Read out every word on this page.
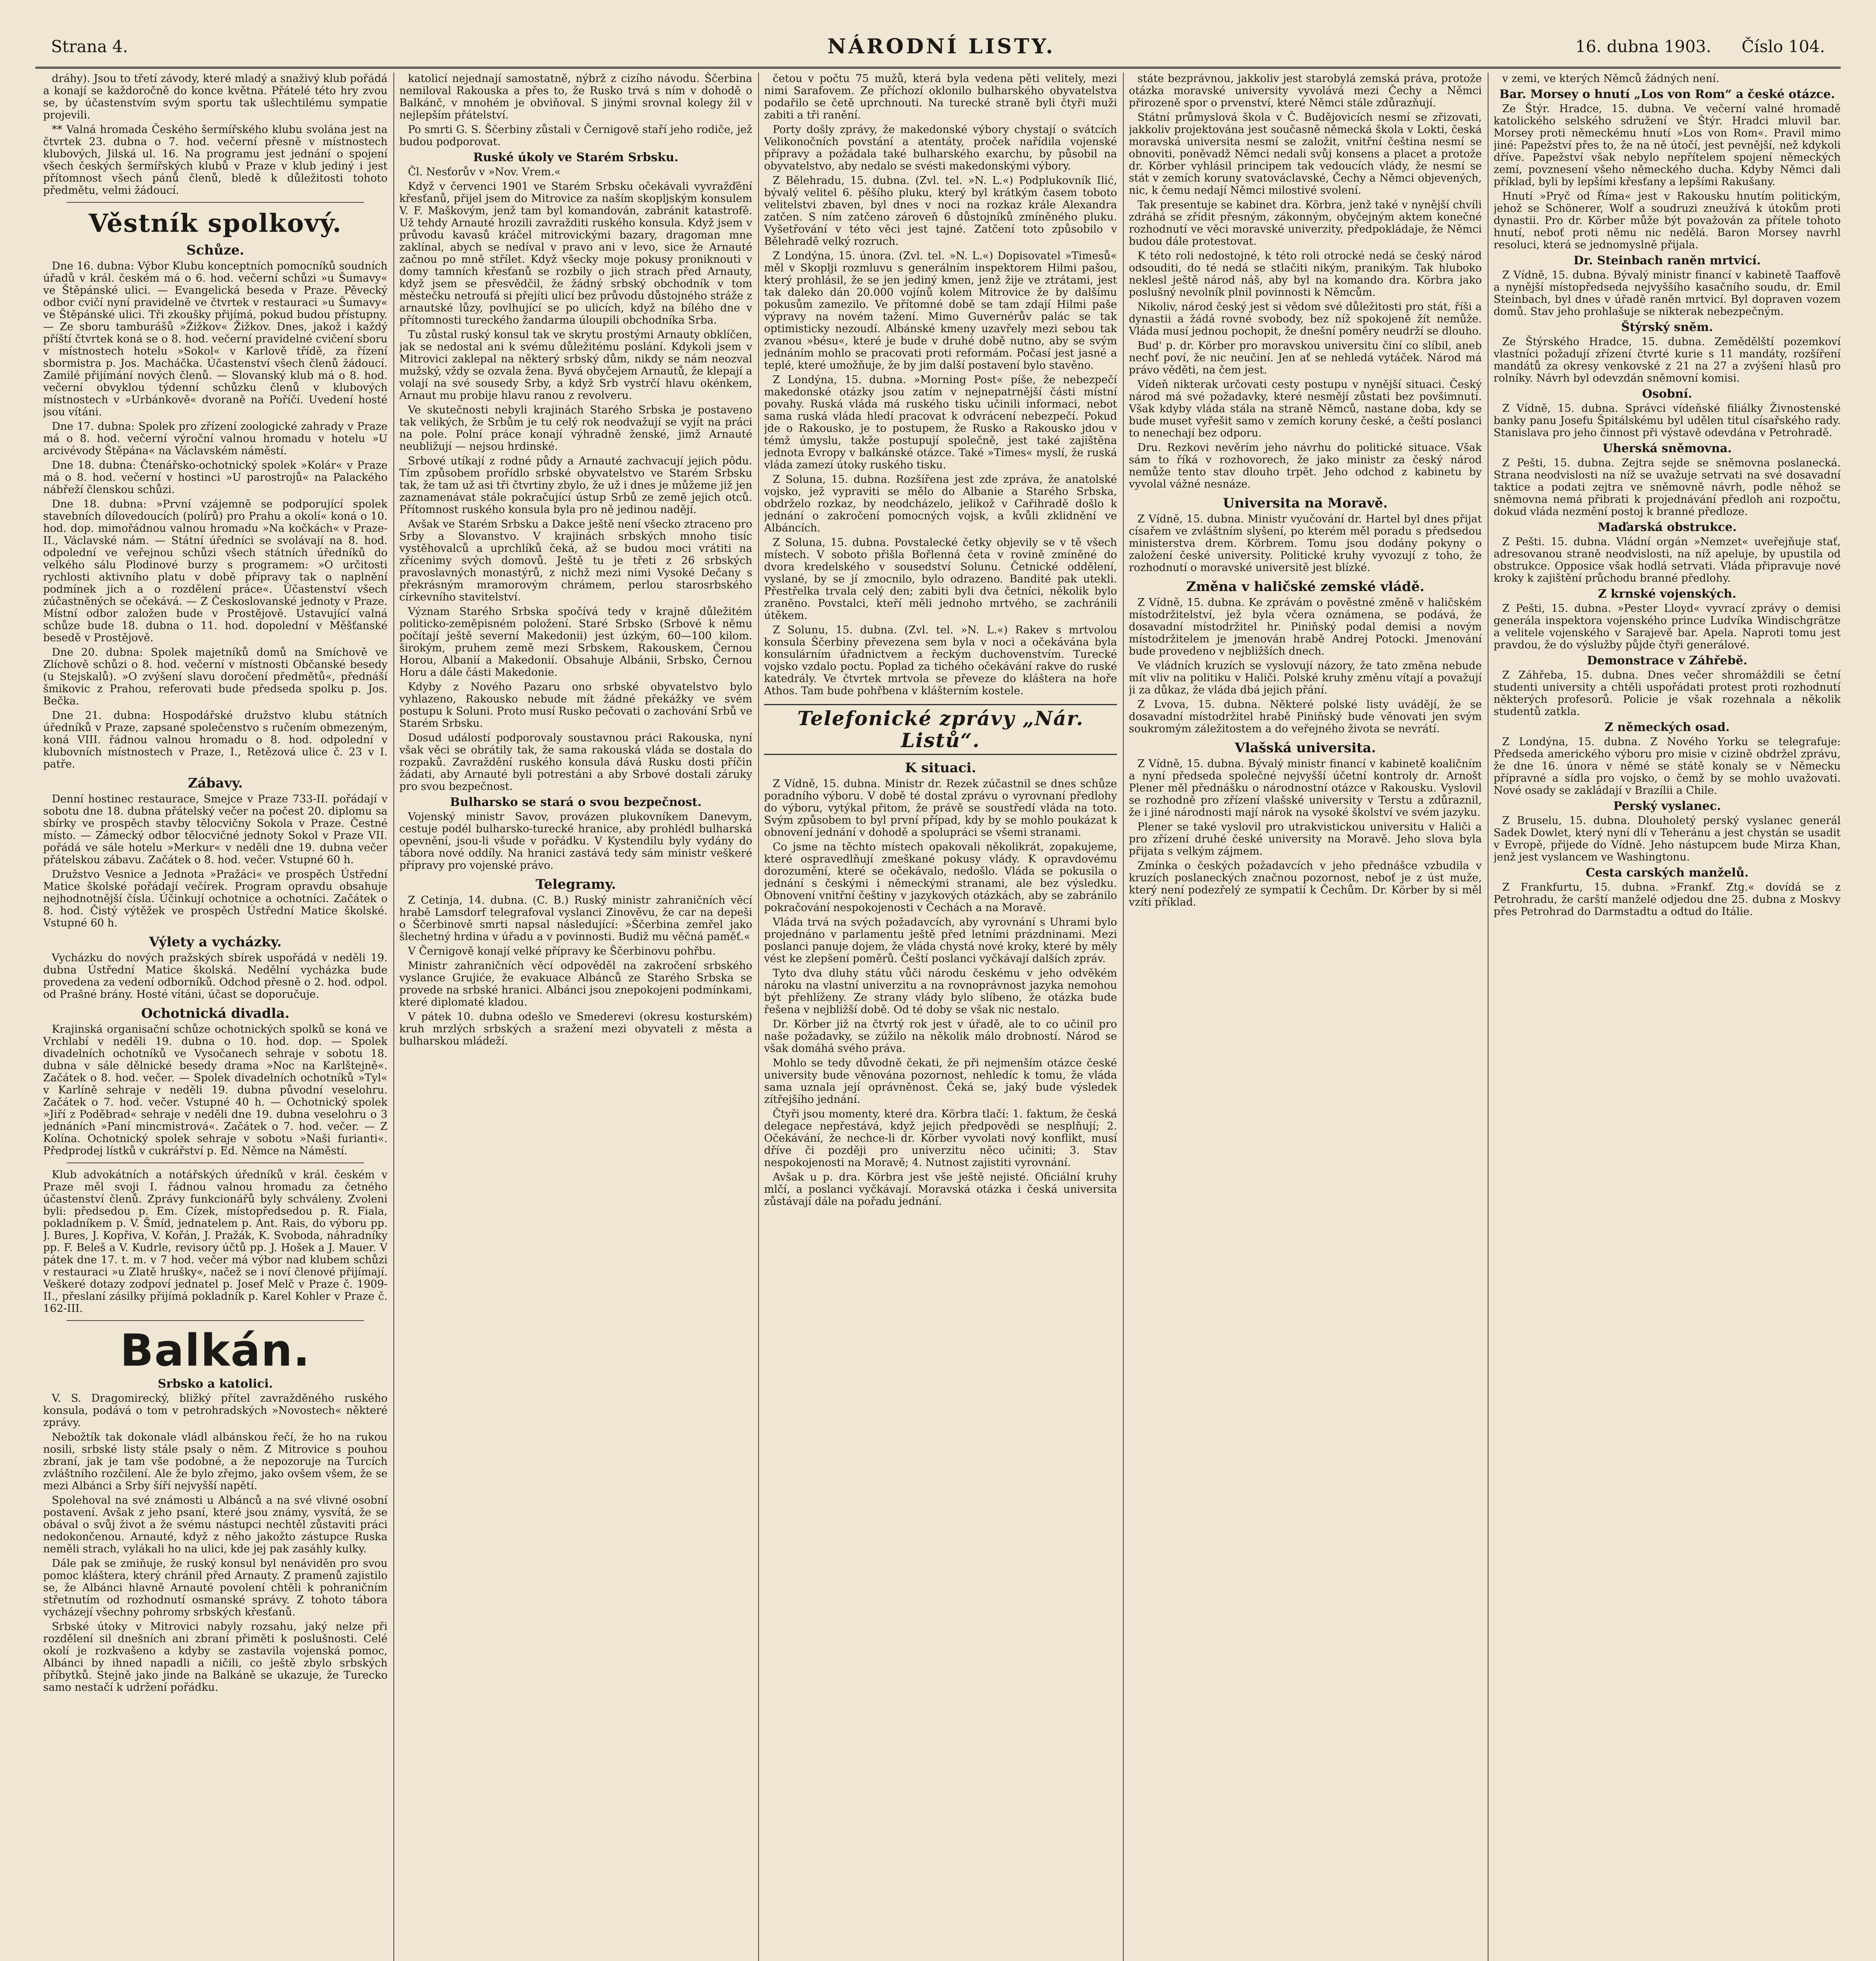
Strana 4.	NÁRODNÍ LISTY.	16. dubna 1903. Číslo 104.

dráhy). Jsou to třetí závody, které mladý a snaživý klub pořádá a konají se každoročně do konce května. Přátelé této hry zvou se, by účastenstvím svým sportu tak ušlechtilému sympatie projevili.

** Valná hromada Českého šermířského klubu svolána jest na čtvrtek 23. dubna o 7. hod. večerní přesně v místnostech klubových, Jilská ul. 16. Na programu jest jednání o spojení všech českých šermířských klubů v Praze v klub jediný i jest přítomnost všech pánů členů, bledě k důležitosti tohoto předmětu, velmi žádoucí.

Věstník spolkový.
Schůze.

Dne 16. dubna: Výbor Klubu konceptních pomocníků soudních úřadů v král. českém má o 6. hod. večerní schůzi »u Šumavy« ve Štěpánské ulici. — Evangelická beseda v Praze. Pěvecký odbor cvičí nyní pravidelně ve čtvrtek v restauraci »u Šumavy« ve Štěpánské ulici. Tři zkoušky přijímá, pokud budou přístupny. — Ze sboru tamburášů »Žižkov« Žižkov. Dnes, jakož i každý příští čtvrtek koná se o 8. hod. večerní pravidelné cvičení sboru v místnostech hotelu »Sokol« v Karlově třídě, za řízení sbormistra p. Jos. Macháčka. Účastenství všech členů žádoucí. Zamilé přijímání nových členů. — Slovanský klub má o 8. hod. večerní obvyklou týdenní schůzku členů v klubových místnostech v »Urbánkově« dvoraně na Poříčí. Uvedení hosté jsou vítáni.

Dne 17. dubna: Spolek pro zřízení zoologické zahrady v Praze má o 8. hod. večerní výroční valnou hromadu v hotelu »U arcivévody Štěpána« na Václavském náměstí.

Dne 18. dubna: Čtenářsko-ochotnický spolek »Kolár« v Praze má o 8. hod. večerní v hostinci »U parostrojů« na Palackého nábřeží členskou schůzi.

Dne 18. dubna: »První vzájemně se podporující spolek stavebních dílovedoucích (polírů) pro Prahu a okolí« koná o 10. hod. dop. mimořádnou valnou hromadu »Na kočkách« v Praze-II., Václavské nám. — Státní úředníci se svolávají na 8. hod. odpolední ve veřejnou schůzi všech státních úředníků do velkého sálu Plodinové burzy s programem: »O určitosti rychlosti aktivního platu v době přípravy tak o naplnění podmínek jich a o rozdělení práce«. Účastenství všech zúčastněných se očekává. — Z Českoslovanské jednoty v Praze. Místní odbor založen bude v Prostějově. Ustavující valná schůze bude 18. dubna o 11. hod. dopolední v Měšťanské besedě v Prostějově.

Dne 20. dubna: Spolek majetníků domů na Smíchově ve Zlíchově schůzi o 8. hod. večerní v místnosti Občanské besedy (u Stejskalů). »O zvýšení slavu doročení předmětů«, přednáší šmikovic z Prahou, referovati bude předseda spolku p. Jos. Bečka.

Dne 21. dubna: Hospodářské družstvo klubu státních úředníků v Praze, zapsané společenstvo s ručením obmezeným, koná VIII. řádnou valnou hromadu o 8. hod. odpolední v klubovních místnostech v Praze, I., Retězová ulice č. 23 v I. patře.

Zábavy.

Denní hostinec restaurace, Smejce v Praze 733-II. pořádají v sobotu dne 18. dubna přátelský večer na počest 20. diplomu sa sbírky ve prospěch stavby tělocvičny Sokola v Praze. Čestné místo. — Zámecký odbor tělocvičné jednoty Sokol v Praze VII. pořádá ve sále hotelu »Merkur« v neděli dne 19. dubna večer přátelskou zábavu. Začátek o 8. hod. večer. Vstupné 60 h.

Družstvo Vesnice a Jednota »Pražáci« ve prospěch Ústřední Matice školské pořádají večírek. Program opravdu obsahuje nejhodnotnější čísla. Účinkují ochotnice a ochotníci. Začátek o 8. hod. Čistý výtěžek ve prospěch Ústřední Matice školské. Vstupné 60 h.

Výlety a vycházky.

Vycházku do nových pražských sbírek uspořádá v neděli 19. dubna Ústřední Matice školská. Nedělní vycházka bude provedena za vedení odborníků. Odchod přesně o 2. hod. odpol. od Prašné brány. Hosté vítáni, účast se doporučuje.

Ochotnická divadla.

Krajinská organisační schůze ochotnických spolků se koná ve Vrchlabí v neděli 19. dubna o 10. hod. dop. — Spolek divadelních ochotníků ve Vysočanech sehraje v sobotu 18. dubna v sále dělnické besedy drama »Noc na Karlštejně«. Začátek o 8. hod. večer. — Spolek divadelních ochotníků »Tyl« v Karlíně sehraje v neděli 19. dubna původní veselohru. Začátek o 7. hod. večer. Vstupné 40 h. — Ochotnický spolek »Jiří z Poděbrad« sehraje v neděli dne 19. dubna veselohru o 3 jednáních »Paní mincmistrová«. Začátek o 7. hod. večer. — Z Kolína. Ochotnický spolek sehraje v sobotu »Naši furianti«. Předprodej lístků v cukrářství p. Ed. Němce na Náměstí.

Klub advokátních a notářských úředníků v král. českém v Praze měl svoji I. řádnou valnou hromadu za četného účastenství členů. Zprávy funkcionářů byly schváleny. Zvoleni byli: předsedou p. Em. Cízek, místopředsedou p. R. Fiala, pokladníkem p. V. Šmíd, jednatelem p. Ant. Rais, do výboru pp. J. Bures, J. Kopřiva, V. Kořán, J. Pražák, K. Svoboda, náhradníky pp. F. Beleš a V. Kudrle, revisory účtů pp. J. Hošek a J. Mauer. V pátek dne 17. t. m. v 7 hod. večer má výbor nad klubem schůzi v restauraci »u Zlatě hrušky«, načež se i noví členové přijímají. Veškeré dotazy zodpoví jednatel p. Josef Melč v Praze č. 1909-II., přeslaní zásilky přijímá pokladník p. Karel Kohler v Praze č. 162-III.

Balkán.
Srbsko a katolici.

V. S. Dragomirecký, bližký přítel zavražděného ruského konsula, podává o tom v petrohradských »Novostech« některé zprávy.

Nebožtík tak dokonale vládl albánskou řečí, že ho na rukou nosili, srbské listy stále psaly o něm. Z Mitrovice s pouhou zbraní, jak je tam vše podobné, a že nepozoruje na Turcích zvláštního rozčilení. Ale že bylo zřejmo, jako ovšem všem, že se mezi Albánci a Srby šíří nejvyšší napětí.

Spolehoval na své známosti u Albánců a na své vlivné osobní postavení. Avšak z jeho psaní, které jsou známy, vysvítá, že se obával o svůj život a že svému nástupci nechtěl zůstaviti práci nedokončenou. Arnauté, když z něho jakožto zástupce Ruska neměli strach, vylákali ho na ulici, kde jej pak zasáhly kulky.

Dále pak se zmiňuje, že ruský konsul byl nenáviděn pro svou pomoc kláštera, který chránil před Arnauty. Z pramenů zajistilo se, že Albánci hlavně Arnauté povolení chtěli k pohraničním střetnutím od rozhodnutí osmanské správy. Z tohoto tábora vycházejí všechny pohromy srbských křesťanů.

Srbské útoky v Mitrovici nabyly rozsahu, jaký nelze při rozdělení sil dnešních ani zbraní přiměti k poslušnosti. Celé okolí je rozkvašeno a kdyby se zastavila vojenská pomoc, Albánci by ihned napadli a ničili, co ještě zbylo srbských příbytků. Stejně jako jinde na Balkáně se ukazuje, že Turecko samo nestačí k udržení pořádku.

katolicí nejednají samostatně, nýbrž z cizího návodu. Ščerbina nemiloval Rakouska a přes to, že Rusko trvá s ním v dohodě o Balkánč, v mnohém je obviňoval. S jinými srovnal kolegy žil v nejlepším přátelství.

Po smrti G. S. Ščerbiny zůstali v Černigově staří jeho rodiče, jež budou podporovat.

Ruské úkoly ve Starém Srbsku.

Čl. Nesťorův v »Nov. Vrem.«

Když v červenci 1901 ve Starém Srbsku očekávali vyvražďění křesťanů, přijel jsem do Mitrovice za naším skopljským konsulem V. F. Maškovým, jenž tam byl komandován, zabránit katastrofě. Už tehdy Arnauté hrozili zavražditi ruského konsula. Když jsem v průvodu kavasů kráčel mitrovickými bazary, dragoman mne zaklínal, abych se nedíval v pravo ani v levo, sice že Arnauté začnou po mně střílet. Když všecky moje pokusy proniknouti v domy tamních křesťanů se rozbily o jich strach před Arnauty, když jsem se přesvědčil, že žádný srbský obchodník v tom městečku netroufá si přejíti ulicí bez průvodu důstojného stráže z arnautské lůzy, povlhující se po ulicích, když na bílého dne v přítomnosti tureckého žandarma úloupili obchodníka Srba.

Tu zůstal ruský konsul tak ve skrytu prostými Arnauty obklíčen, jak se nedostal ani k svému důležitému poslání. Kdykoli jsem v Mitrovici zaklepal na některý srbský dům, nikdy se nám neozval mužský, vždy se ozvala žena. Byvá obyčejem Arnautů, že klepají a volají na své sousedy Srby, a když Srb vystrčí hlavu okénkem, Arnaut mu probije hlavu ranou z revolveru.

Ve skutečnosti nebyli krajinách Starého Srbska je postaveno tak velikých, že Srbům je tu celý rok neodvažují se vyjít na práci na pole. Polní práce konají výhradně ženské, jimž Arnauté neubližují — nejsou hrdinské.

Srbové utíkají z rodné půdy a Arnauté zachvacují jejich pôdu. Tím způsobem prořídlo srbské obyvatelstvo ve Starém Srbsku tak, že tam už asi tři čtvrtiny zbylo, že už i dnes je můžeme již jen zaznamenávat stále pokračující ústup Srbů ze země jejich otců. Přítomnost ruského konsula byla pro ně jedinou nadějí.

Avšak ve Starém Srbsku a Dakce ještě není všecko ztraceno pro Srby a Slovanstvo. V krajinách srbských mnoho tisíc vystěhovalců a uprchlíků čeká, až se budou moci vrátiti na zřícenimy svých domovů. Ještě tu je třeti z 26 srbských pravoslavných monastýrů, z nichž mezi nimi Vysoké Dečany s překrásným mramorovým chrámem, perlou starosrbského církevního stavitelství.

Význam Starého Srbska spočívá tedy v krajně důležitém politicko-zeměpisném položení. Staré Srbsko (Srbové k němu počítají ještě severní Makedonii) jest úzkým, 60—100 kilom. širokým, pruhem země mezi Srbskem, Rakouskem, Černou Horou, Albanií a Makedonií. Obsahuje Albánii, Srbsko, Černou Horu a dále části Makedonie.

Kdyby z Nového Pazaru ono srbské obyvatelstvo bylo vyhlazeno, Rakousko nebude mít žádné překážky ve svém postupu k Soluni. Proto musí Rusko pečovati o zachování Srbů ve Starém Srbsku.

Dosud událostí podporovaly soustavnou práci Rakouska, nyní však věci se obrátily tak, že sama rakouská vláda se dostala do rozpaků. Zavraždění ruského konsula dává Rusku dosti příčin žádati, aby Arnauté byli potrestáni a aby Srbové dostali záruky pro svou bezpečnost.

Bulharsko se stará o svou bezpečnost.

Vojenský ministr Savov, provázen plukovníkem Danevym, cestuje podél bulharsko-turecké hranice, aby prohlédl bulharská opevnění, jsou-li všude v pořádku. V Kystendilu byly vydány do tábora nové oddíly. Na hranici zastává tedy sám ministr veškeré přípravy pro vojenské právo.

Telegramy.

Z Cetinja, 14. dubna. (C. B.) Ruský ministr zahraničních věcí hrabě Lamsdorf telegrafoval vyslanci Zinověvu, že car na depeši o Ščerbinově smrti napsal následující: »Ščerbina zemřel jako šlechetný hrdina v úřadu a v povinnosti. Budiž mu věčná paměť.«

V Černigově konají velké přípravy ke Ščerbinovu pohřbu.

Ministr zahraničních věcí odpověděl na zakročení srbského vyslance Grujiće, že evakuace Albánců ze Starého Srbska se provede na srbské hranici. Albánci jsou znepokojeni podmínkami, které diplomaté kladou.

V pátek 10. dubna odešlo ve Smederevi (okresu kosturském) kruh mrzlých srbských a sražení mezi obyvateli z města a bulharskou mládeží.

četou v počtu 75 mužů, která byla vedena pěti velitely, mezi nimi Sarafovem. Ze příchozí oklonilo bulharského obyvatelstva podařilo se četě uprchnouti. Na turecké straně byli čtyři muži zabiti a tři ranění.

Porty došly zprávy, že makedonské výbory chystají o svátcích Velikonočních povstání a atentáty, proček nařídila vojenské přípravy a požádala také bulharského exarchu, by působil na obyvatelstvo, aby nedalo se svésti makedonskými výbory.

Z Bělehradu, 15. dubna. (Zvl. tel. »N. L.«) Podplukovník Ilić, bývalý velitel 6. pěšího pluku, který byl krátkým časem toboto velitelstvi zbaven, byl dnes v noci na rozkaz krále Alexandra zatčen. S ním zatčeno zároveň 6 důstojníků zmíněného pluku. Vyšetřování v této věci jest tajné. Zatčení toto způsobilo v Bělehradě velký rozruch.

Z Londýna, 15. února. (Zvl. tel. »N. L.«) Dopisovatel »Timesů« měl v Skoplji rozmluvu s generálním inspektorem Hilmi pašou, který prohlásil, že se jen jediný kmen, jenž žije ve ztrátami, jest tak daleko dán 20.000 vojínů kolem Mitrovice že by dalšímu pokusům zamezilo. Ve přítomné době se tam zdají Hilmi paše výpravy na novém tažení. Mimo Guvernérův palác se tak optimisticky nezoudí. Albánské kmeny uzavřely mezi sebou tak zvanou »bésu«, které je bude v druhé době nutno, aby se svým jednáním mohlo se pracovati proti reformám. Počasí jest jasné a teplé, které umožňuje, že by jim další postavení bylo stavěno.

Z Londýna, 15. dubna. »Morning Post« píše, že nebezpečí makedonské otázky jsou zatím v nejnepatrnější části místní povahy. Ruská vláda má ruského tisku učinili informaci, nebot sama ruská vláda hledí pracovat k odvrácení nebezpečí. Pokud jde o Rakousko, je to postupem, že Rusko a Rakousko jdou v témž úmyslu, takže postupují společně, jest také zajištěna jednota Evropy v balkánské otázce. Také »Times« myslí, že ruská vláda zamezí útoky ruského tisku.

Z Soluna, 15. dubna. Rozšířena jest zde zpráva, že anatolské vojsko, jež vypraviti se mělo do Albanie a Starého Srbska, obdrželo rozkaz, by neodcházelo, jelikož v Cařihradě došlo k jednání o zakročení pomocných vojsk, a kvůli zklidnění ve Albáncích.

Z Soluna, 15. dubna. Povstalecké četky objevily se v tě všech místech. V soboto přišla Bořlenná četa v rovině zmíněné do dvora kredelského v sousedství Solunu. Četnické oddělení, vyslané, by se jí zmocnilo, bylo odrazeno. Bandité pak utekli. Přestřelka trvala celý den; zabiti byli dva četníci, několik bylo zraněno. Povstalci, kteří měli jednoho mrtvého, se zachránili útěkem.

Z Solunu, 15. dubna. (Zvl. tel. »N. L.«) Rakev s mrtvolou konsula Ščerbiny převezena sem byla v noci a očekávána byla konsulárním úřadnictvem a řeckým duchovenstvím. Turecké vojsko vzdalo poctu. Poplad za tichého očekávání rakve do ruské katedrály. Ve čtvrtek mrtvola se převeze do kláštera na hoře Athos. Tam bude pohřbena v klášterním kostele.

Telefonické zprávy „Nár. Listů“.
K situaci.

Z Vídně, 15. dubna. Ministr dr. Rezek zúčastnil se dnes schůze poradního výboru. V době té dostal zprávu o vyrovnaní předlohy do výboru, vytýkal přitom, že právě se soustředí vláda na toto. Svým způsobem to byl první případ, kdy by se mohlo poukázat k obnovení jednání v dohodě a spolupráci se všemi stranami.

Co jsme na těchto místech opakovali několikrát, zopakujeme, které ospravedlňují zmeškané pokusy vlády. K opravdovému dorozumění, které se očekávalo, nedošlo. Vláda se pokusila o jednání s českými i německými stranami, ale bez výsledku. Obnovení vnitřní češtiny v jazykových otázkách, aby se zabránilo pokračování nespokojenosti v Čechách a na Moravě.

Vláda trvá na svých požadavcích, aby vyrovnání s Uhrami bylo projednáno v parlamentu ještě před letními prázdninami. Mezi poslanci panuje dojem, že vláda chystá nové kroky, které by měly vést ke zlepšení poměrů. Čeští poslanci vyčkávají dalších zpráv.

Tyto dva dluhy státu vůči národu českému v jeho odvěkém nároku na vlastní univerzitu a na rovnoprávnost jazyka nemohou být přehlíženy. Ze strany vlády bylo slíbeno, že otázka bude řešena v nejbližší době. Od té doby se však nic nestalo.

Dr. Körber již na čtvrtý rok jest v úřadě, ale to co učinil pro naše požadavky, se zúžilo na několik málo drobností. Národ se však domáhá svého práva.

Mohlo se tedy důvodně čekati, že při nejmenším otázce české university bude věnována pozornost, nehledíc k tomu, že vláda sama uznala její oprávněnost. Čeká se, jaký bude výsledek zítřejšího jednání.

Čtyři jsou momenty, které dra. Körbra tlačí: 1. faktum, že česká delegace nepřestává, když jejich předpovědi se nesplňují; 2. Očekávání, že nechce-li dr. Körber vyvolati nový konflikt, musí dříve či později pro univerzitu něco učiniti; 3. Stav nespokojenosti na Moravě; 4. Nutnost zajistiti vyrovnání.

Avšak u p. dra. Körbra jest vše ještě nejisté. Oficiální kruhy mlčí, a poslanci vyčkávají. Moravská otázka i česká universita zůstávají dále na pořadu jednání.

státe bezprávnou, jakkoliv jest starobylá zemská práva, protože otázka moravské university vyvolává mezi Čechy a Němci přirozeně spor o prvenství, které Němci stále zdůrazňují.

Státní průmyslová škola v Č. Budějovicích nesmí se zřizovati, jakkoliv projektována jest současně německá škola v Lokti, česká moravská universita nesmí se založit, vnitřní čeština nesmí se obnoviti, poněvadž Němci nedali svůj konsens a placet a protože dr. Körber vyhlásil principem tak vedoucích vlády, že nesmí se stát v zemích koruny svatováclavské, Čechy a Němci objevených, nic, k čemu nedají Němci milostivé svolení.

Tak presentuje se kabinet dra. Körbra, jenž také v nynější chvíli zdráhá se zřídit přesným, zákonným, obyčejným aktem konečné rozhodnutí ve věci moravské univerzity, předpokládaje, že Němci budou dále protestovat.

K této roli nedostojné, k této roli otrocké nedá se český národ odsouditi, do té nedá se stlačiti nikým, pranikým. Tak hluboko neklesl ještě národ náš, aby byl na komando dra. Körbra jako poslušný nevolník plnil povinnosti k Němcům.

Nikoliv, národ český jest si vědom své důležitosti pro stát, říši a dynastii a žádá rovné svobody, bez níž spokojeně žít nemůže. Vláda musí jednou pochopit, že dnešní poměry neudrží se dlouho.

Bud' p. dr. Körber pro moravskou universitu činí co slíbil, aneb nechť poví, že nic neučiní. Jen ať se nehledá vytáček. Národ má právo věděti, na čem jest.

Vídeň nikterak určovati cesty postupu v nynější situaci. Český národ má své požadavky, které nesmějí zůstati bez povšimnutí. Však kdyby vláda stála na straně Němců, nastane doba, kdy se bude muset vyřešit samo v zemích koruny české, a čeští poslanci to nenechají bez odporu.

Dru. Rezkovi nevěrím jeho návrhu do politické situace. Však sám to říká v rozhovorech, že jako ministr za český národ nemůže tento stav dlouho trpět. Jeho odchod z kabinetu by vyvolal vážné nesnáze.

Universita na Moravě.

Z Vídně, 15. dubna. Ministr vyučování dr. Hartel byl dnes přijat císařem ve zvláštním slyšení, po kterém měl poradu s předsedou ministerstva drem. Körbrem. Tomu jsou dodány pokyny o založení české university. Politické kruhy vyvozují z toho, že rozhodnutí o moravské universitě jest blízké.

Změna v haličské zemské vládě.

Z Vídně, 15. dubna. Ke zprávám o pověstné změně v haličském místodržitelství, jež byla včera oznámena, se podává, že dosavadní místodržitel hr. Piniňský podal demisi a novým místodržitelem je jmenován hrabě Andrej Potocki. Jmenování bude provedeno v nejbližších dnech.

Ve vládních kruzích se vyslovují názory, že tato změna nebude mít vliv na politiku v Haliči. Polské kruhy změnu vítají a považují ji za důkaz, že vláda dbá jejich přání.

Z Lvova, 15. dubna. Některé polské listy uvádějí, že se dosavadní místodržitel hrabě Piniňský bude věnovati jen svým soukromým záležitostem a do veřejného života se nevrátí.

Vlašská universita.

Z Vídně, 15. dubna. Bývalý ministr financí v kabinetě koaličním a nyní předseda společné nejvyšší účetní kontroly dr. Arnošt Plener měl přednášku o národnostní otázce v Rakousku. Vyslovil se rozhodně pro zřízení vlašské university v Terstu a zdůraznil, že i jiné národnosti mají nárok na vysoké školství ve svém jazyku.

Plener se také vyslovil pro utrakvistickou universitu v Haliči a pro zřízení druhé české university na Moravě. Jeho slova byla přijata s velkým zájmem.

Zmínka o českých požadavcích v jeho přednášce vzbudila v kruzích poslaneckých značnou pozornost, neboť je z úst muže, který není podezřelý ze sympatií k Čechům. Dr. Körber by si měl vzíti příklad.

v zemi, ve kterých Němců žádných není.

Bar. Morsey o hnutí „Los von Rom“ a české otázce.

Ze Štýr. Hradce, 15. dubna. Ve večerní valné hromadě katolického selského sdružení ve Štýr. Hradci mluvil bar. Morsey proti německému hnutí »Los von Rom«. Pravil mimo jiné: Papežství přes to, že na ně útočí, jest pevnější, než kdykoli dříve. Papežství však nebylo nepřítelem spojení německých zemí, povznesení všeho německého ducha. Kdyby Němci dali příklad, byli by lepšími křesťany a lepšími Rakušany.

Hnutí »Pryč od Říma« jest v Rakousku hnutím politickým, jehož se Schönerer, Wolf a soudruzi zneužívá k útokům proti dynastii. Pro dr. Körber může být považován za přítele tohoto hnutí, neboť proti němu nic nedělá. Baron Morsey navrhl resoluci, která se jednomyslně přijala.

Dr. Steinbach raněn mrtvicí.

Z Vídně, 15. dubna. Bývalý ministr financí v kabinetě Taaffově a nynější místopředseda nejvyššího kasačního soudu, dr. Emil Steinbach, byl dnes v úřadě raněn mrtvicí. Byl dopraven vozem domů. Stav jeho prohlašuje se nikterak nebezpečným.

Štýrský sněm.

Ze Štýrského Hradce, 15. dubna. Zemědělští pozemkoví vlastníci požadují zřízení čtvrté kurie s 11 mandáty, rozšíření mandátů za okresy venkovské z 21 na 27 a zvýšení hlasů pro rolníky. Návrh byl odevzdán sněmovní komisi.

Osobní.

Z Vídně, 15. dubna. Správci vídeňské filiálky Živnostenské banky panu Josefu Špitálskému byl udělen titul císařského rady. Stanislava pro jeho činnost při výstavě odevdána v Petrohradě.

Uherská sněmovna.

Z Pešti, 15. dubna. Zejtra sejde se sněmovna poslanecká. Strana neodvislosti na níž se uvažuje setrvati na své dosavadní taktice a podati zejtra ve sněmovně návrh, podle něhož se sněmovna nemá přibrati k projednávání předloh ani rozpočtu, dokud vláda nezmění postoj k branné předloze.

Maďarská obstrukce.

Z Pešti. 15. dubna. Vládní orgán »Nemzet« uveřejňuje stať, adresovanou straně neodvislosti, na níž apeluje, by upustila od obstrukce. Opposice však hodlá setrvati. Vláda připravuje nové kroky k zajištění průchodu branné předlohy.

Z krnské vojenských.

Z Pešti, 15. dubna. »Pester Lloyd« vyvrací zprávy o demisi generála inspektora vojenského prince Ludvíka Windischgrätze a velitele vojenského v Sarajevě bar. Apela. Naproti tomu jest pravdou, že do výslužby půjde čtyři generálové.

Demonstrace v Záhřebě.

Z Záhřeba, 15. dubna. Dnes večer shromáždili se četní studenti university a chtěli uspořádati protest proti rozhodnutí některých profesorů. Policie je však rozehnala a několik studentů zatkla.

Z německých osad.

Z Londýna, 15. dubna. Z Nového Yorku se telegrafuje: Předseda amerického výboru pro misie v cizině obdržel zprávu, že dne 16. února v němé se státě konaly se v Německu přípravné a sídla pro vojsko, o čemž by se mohlo uvažovati. Nové osady se zakládají v Brazílii a Chile.

Perský vyslanec.

Z Bruselu, 15. dubna. Dlouholetý perský vyslanec generál Sadek Dowlet, který nyní dlí v Teheránu a jest chystán se usadit v Evropě, přijede do Vídně. Jeho nástupcem bude Mirza Khan, jenž jest vyslancem ve Washingtonu.

Cesta carských manželů.

Z Frankfurtu, 15. dubna. »Frankf. Ztg.« dovídá se z Petrohradu, že carští manželé odjedou dne 25. dubna z Moskvy přes Petrohrad do Darmstadtu a odtud do Itálie.
